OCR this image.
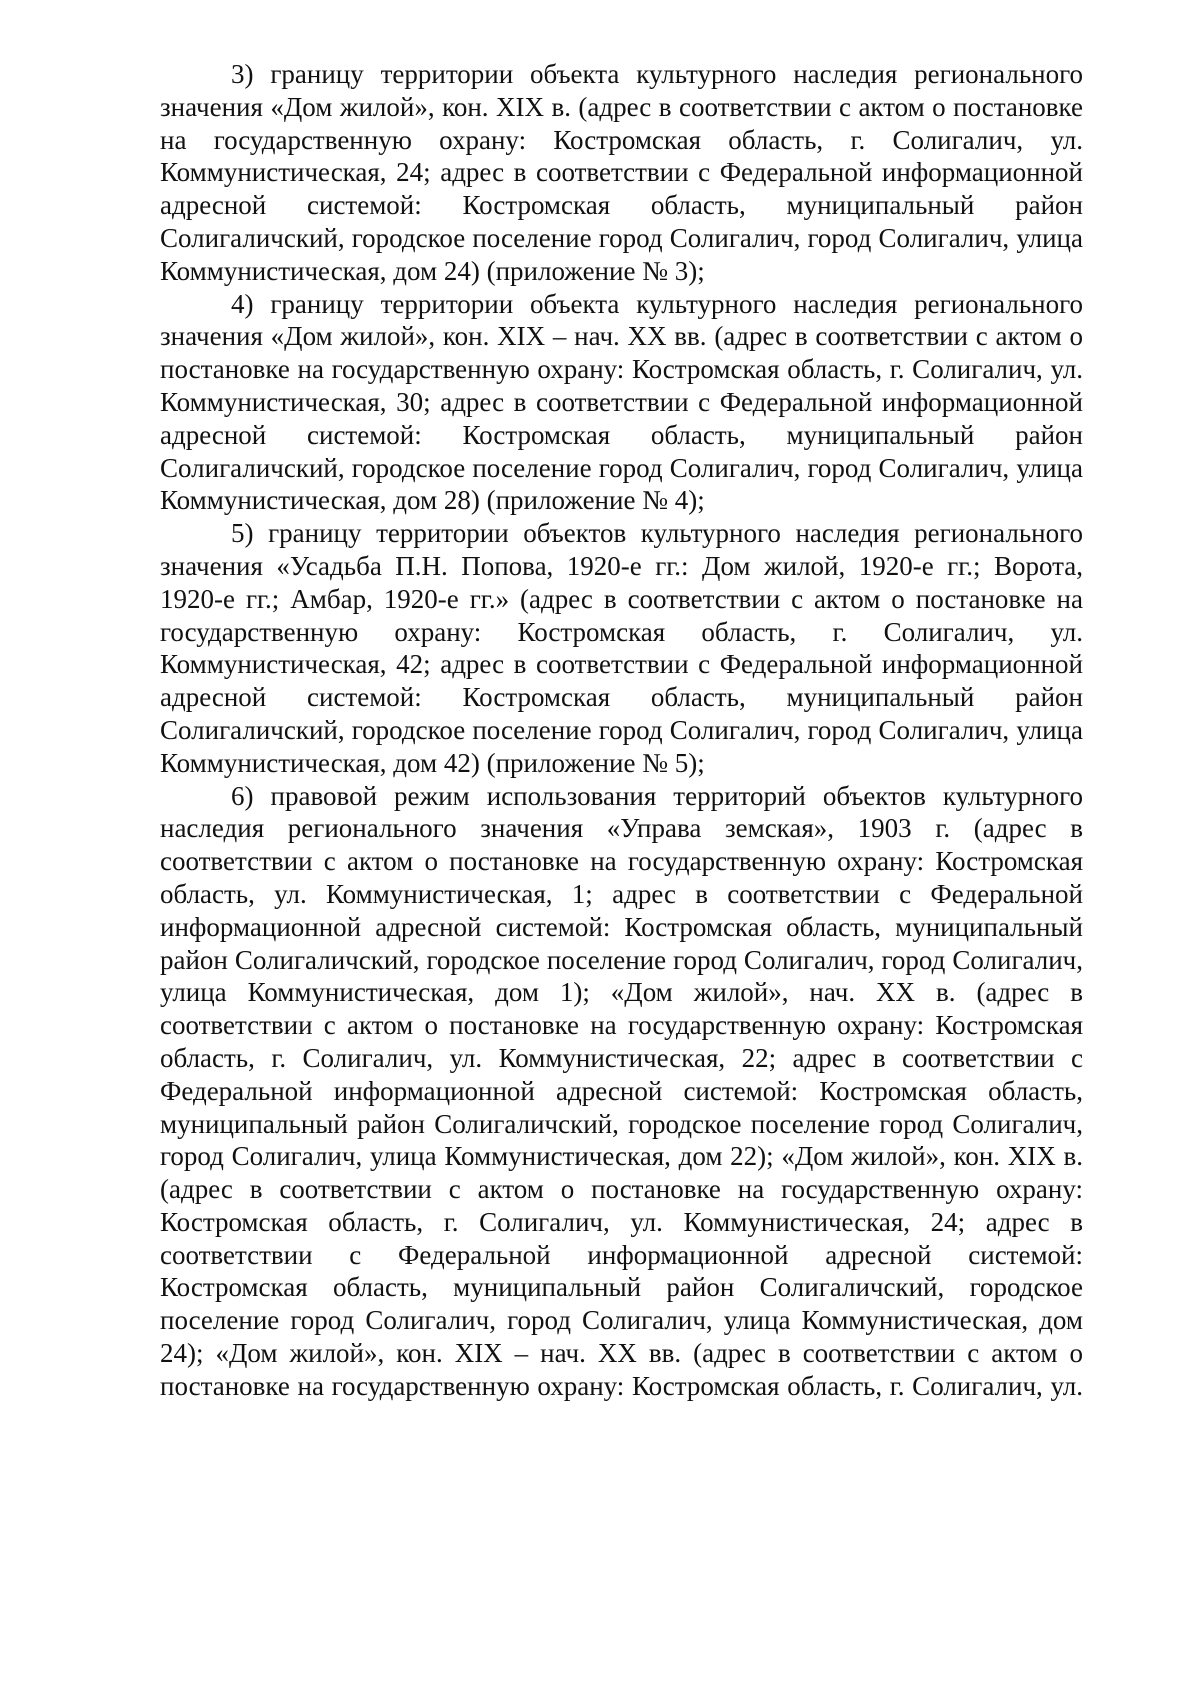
3) границу территории объекта культурного наследия регионального значения «Дом жилой», кон. XIX в. (адрес в соответствии с актом о постановке на государственную охрану: Костромская область, г. Солигалич, ул. Коммунистическая, 24; адрес в соответствии с Федеральной информационной адресной системой: Костромская область, муниципальный район Солигаличский, городское поселение город Солигалич, город Солигалич, улица Коммунистическая, дом 24) (приложение № 3);

4) границу территории объекта культурного наследия регионального значения «Дом жилой», кон. XIX – нач. XX вв. (адрес в соответствии с актом о постановке на государственную охрану: Костромская область, г. Солигалич, ул. Коммунистическая, 30; адрес в соответствии с Федеральной информационной адресной системой: Костромская область, муниципальный район Солигаличский, городское поселение город Солигалич, город Солигалич, улица Коммунистическая, дом 28) (приложение № 4);

5) границу территории объектов культурного наследия регионального значения «Усадьба П.Н. Попова, 1920-е гг.: Дом жилой, 1920-е гг.; Ворота, 1920-е гг.; Амбар, 1920-е гг.» (адрес в соответствии с актом о постановке на государственную охрану: Костромская область, г. Солигалич, ул. Коммунистическая, 42; адрес в соответствии с Федеральной информационной адресной системой: Костромская область, муниципальный район Солигаличский, городское поселение город Солигалич, город Солигалич, улица Коммунистическая, дом 42) (приложение № 5);

6) правовой режим использования территорий объектов культурного наследия регионального значения «Управа земская», 1903 г. (адрес в соответствии с актом о постановке на государственную охрану: Костромская область, ул. Коммунистическая, 1; адрес в соответствии с Федеральной информационной адресной системой: Костромская область, муниципальный район Солигаличский, городское поселение город Солигалич, город Солигалич, улица Коммунистическая, дом 1); «Дом жилой», нач. XX в. (адрес в соответствии с актом о постановке на государственную охрану: Костромская область, г. Солигалич, ул. Коммунистическая, 22; адрес в соответствии с Федеральной информационной адресной системой: Костромская область, муниципальный район Солигаличский, городское поселение город Солигалич, город Солигалич, улица Коммунистическая, дом 22); «Дом жилой», кон. XIX в. (адрес в соответствии с актом о постановке на государственную охрану: Костромская область, г. Солигалич, ул. Коммунистическая, 24; адрес в соответствии с Федеральной информационной адресной системой: Костромская область, муниципальный район Солигаличский, городское поселение город Солигалич, город Солигалич, улица Коммунистическая, дом 24); «Дом жилой», кон. XIX – нач. XX вв. (адрес в соответствии с актом о постановке на государственную охрану: Костромская область, г. Солигалич, ул.
